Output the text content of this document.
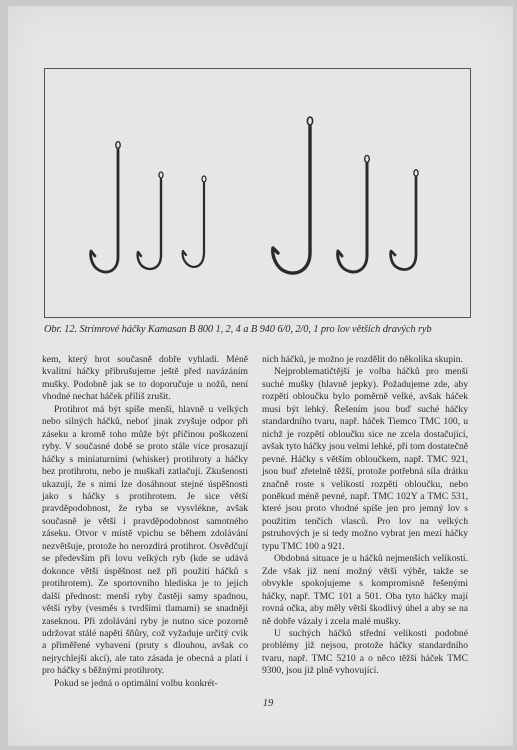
Obr. 12. Strímrové háčky Kamasan B 800 1, 2, 4 a B 940 6/0, 2/0, 1 pro lov větších dravých ryb

kem, který hrot současně dobře vyhladí. Méně kvalitní háčky přibrušujeme ještě před navázáním mušky. Podobně jak se to doporučuje u nožů, není vhodné nechat háček příliš zrušit.

Protihrot má být spíše menší, hlavně u velkých nebo silných háčků, neboť jinak zvyšuje odpor při záseku a kromě toho může být příčinou poškození ryby. V současné době se proto stále více prosazují háčky s miniaturními (whisker) protihroty a háčky bez protihrotu, nebo je muškaři zatlačují. Zkušenosti ukazují, že s nimi lze dosáhnout stejné úspěšnosti jako s háčky s protihrotem. Je sice větší pravděpodobnost, že ryba se vysvlékne, avšak současně je větší i pravděpodobnost samotného záseku. Otvor v místě vpichu se během zdolávání nezvětšuje, protože ho nerozdírá protihrot. Osvědčují se především při lovu velkých ryb (kde se udává dokonce větší úspěšnost než při použití háčků s protihrotem). Ze sportovního hlediska je to jejich další přednost: menší ryby častěji samy spadnou, větší ryby (vesměs s tvrdšími tlamami) se snadněji zaseknou. Při zdolávání ryby je nutno sice pozorně udržovat stálé napětí šňůry, což vyžaduje určitý cvik a přiměřené vybavení (pruty s dlouhou, avšak co nejrychlejší akcí), ale tato zásada je obecná a platí i pro háčky s běžnými protihroty.

Pokud se jedná o optimální volbu konkrét-

ních háčků, je možno je rozdělit do několika skupin.

Nejproblematičtější je volba háčků pro menší suché mušky (hlavně jepky). Požadujeme zde, aby rozpětí obloučku bylo poměrně velké, avšak háček musí být lehký. Řešením jsou buď suché háčky standardního tvaru, např. háček Tiemco TMC 100, u nichž je rozpětí obloučku sice ne zcela dostačující, avšak tyto háčky jsou velmi lehké, při tom dostatečně pevné. Háčky s větším obloučkem, např. TMC 921, jsou buď zřetelně těžší, protože potřebná síla drátku značně roste s velikostí rozpětí obloučku, nebo poněkud méně pevné, např. TMC 102Y a TMC 531, které jsou proto vhodné spíše jen pro jemný lov s použitím tenčích vlasců. Pro lov na velkých pstruhových je si tedy možno vybrat jen mezi háčky typu TMC 100 a 921.

Obdobná situace je u háčků nejmenších velikostí. Zde však již není možný větší výběr, takže se obvykle spokojujeme s kompromisně řešenými háčky, např. TMC 101 a 501. Oba tyto háčky mají rovná očka, aby měly větší škodlivý úhel a aby se na ně dobře vázaly i zcela malé mušky.

U suchých háčků střední velikosti podobné problémy již nejsou, protože háčky standardního tvaru, např. TMC 5210 a o něco těžší háček TMC 9300, jsou již plně vyhovující.

19
